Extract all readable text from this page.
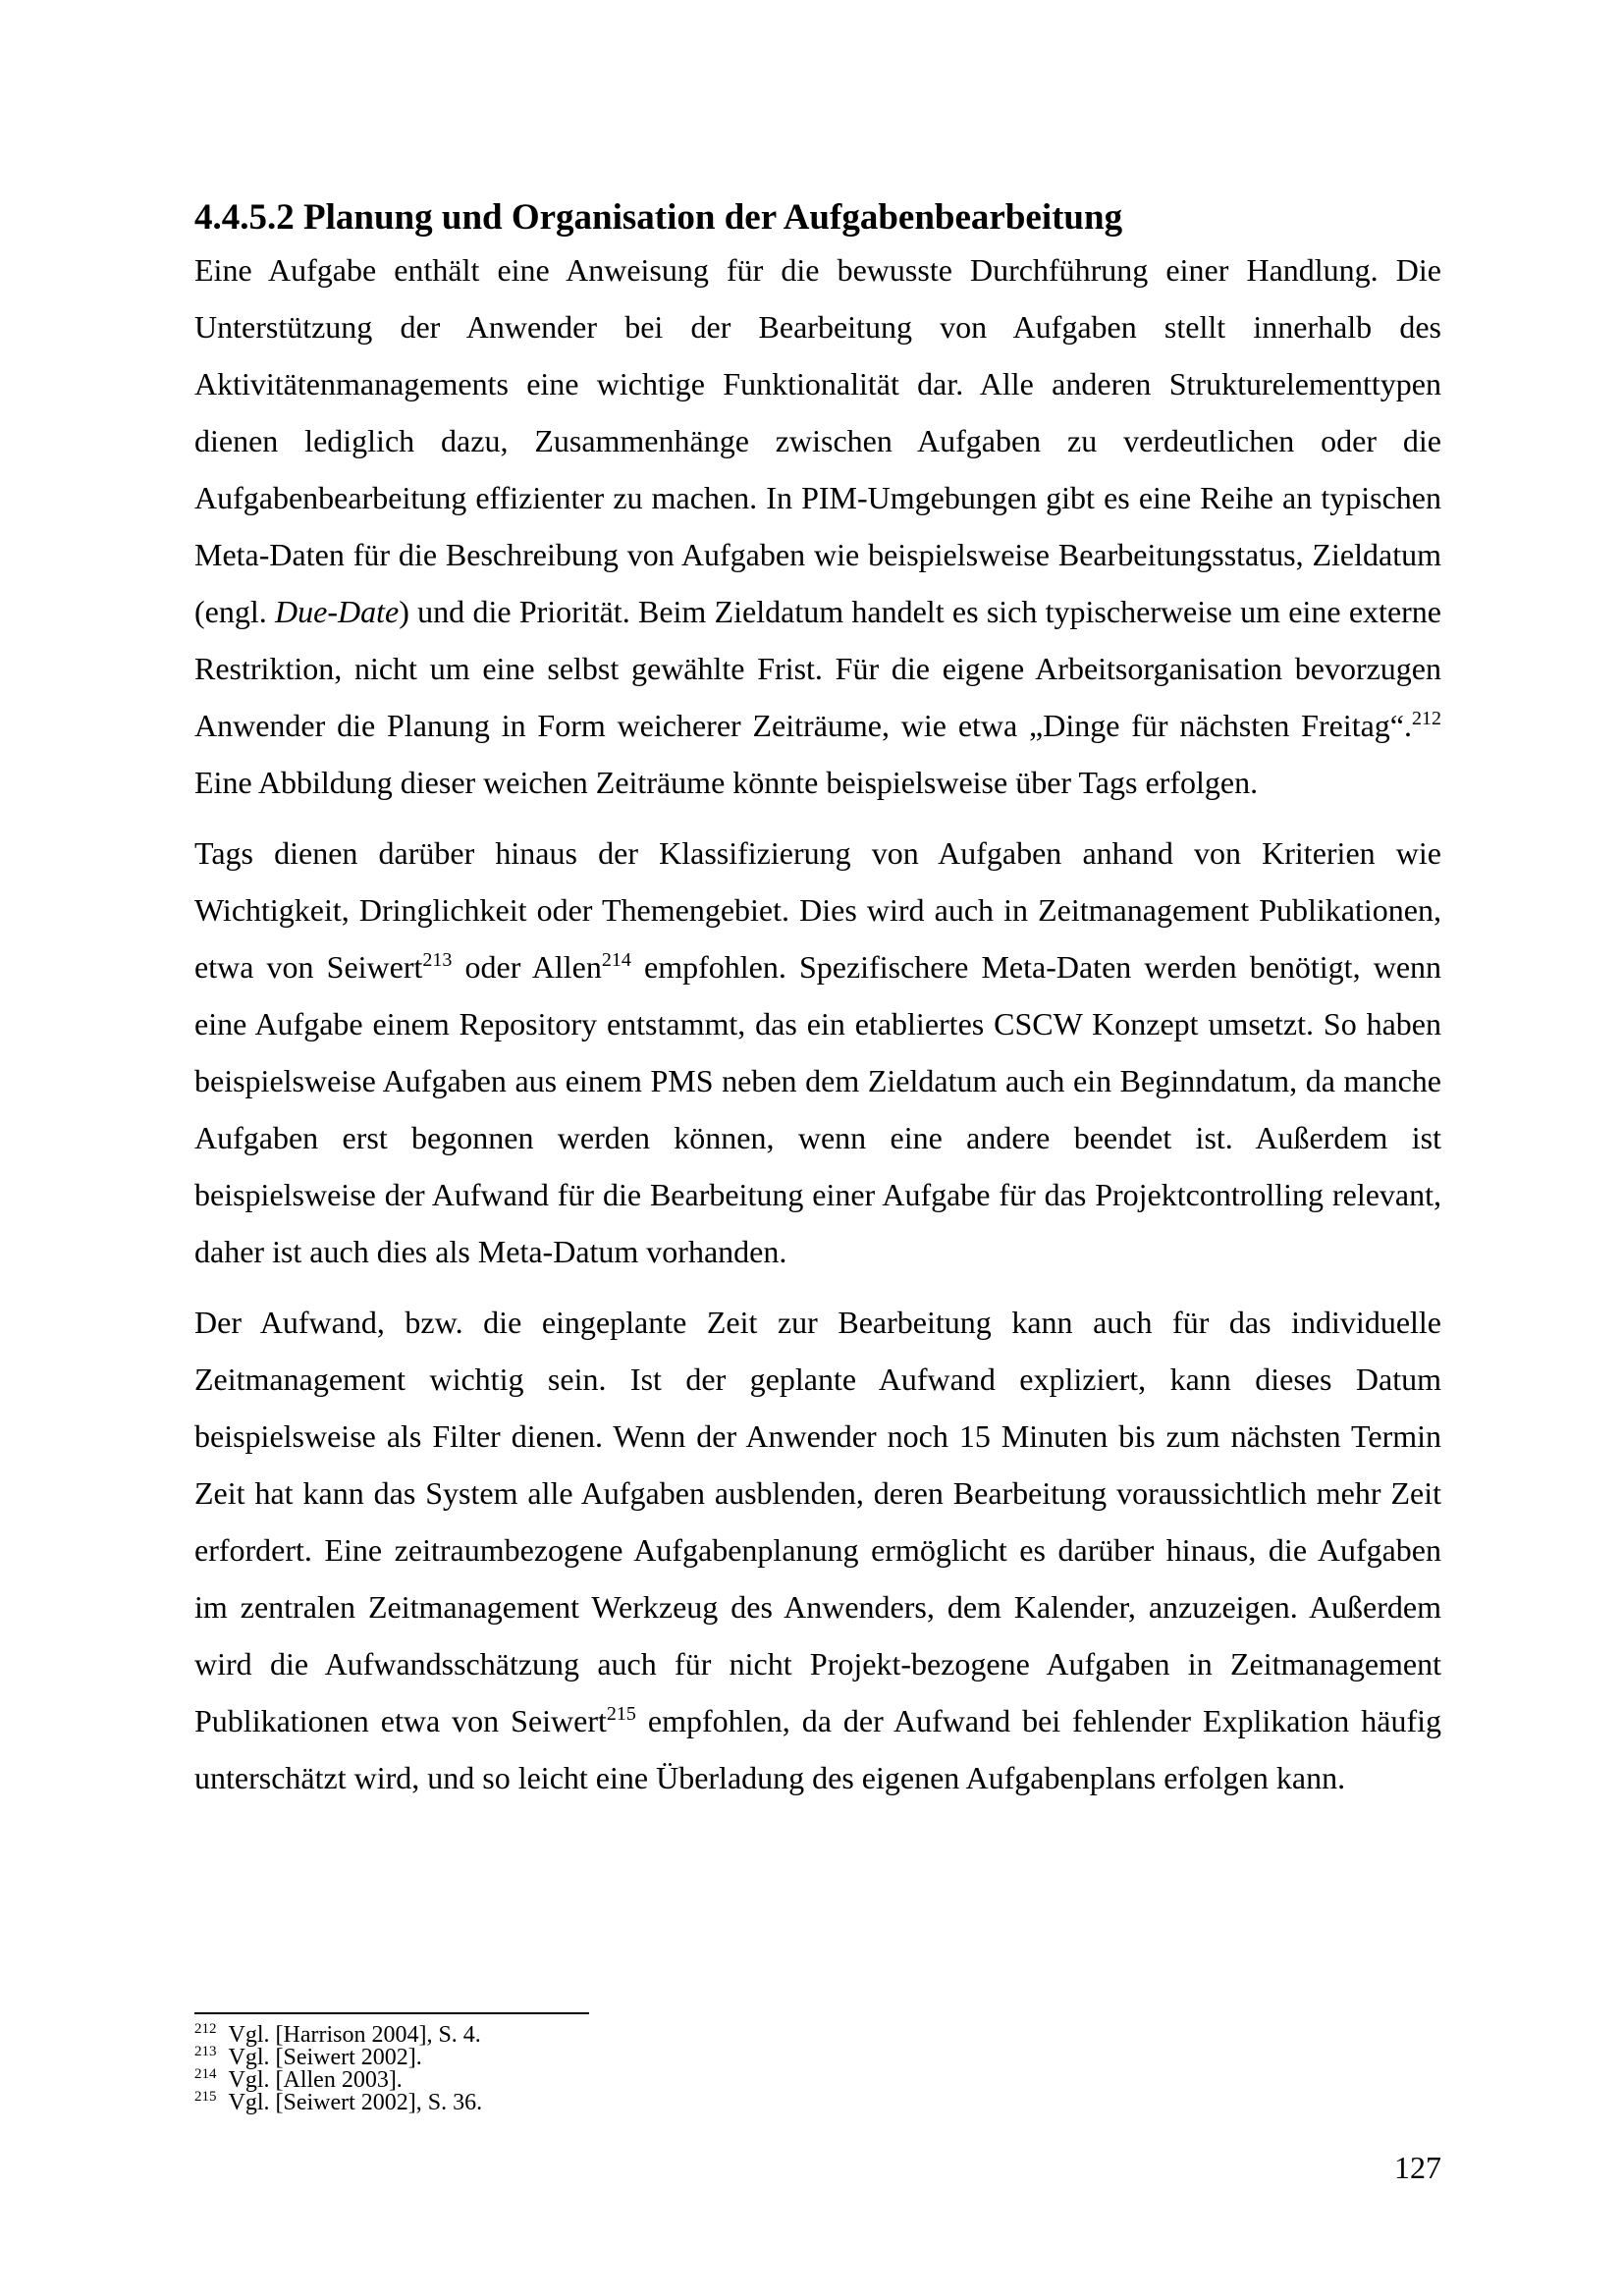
4.4.5.2 Planung und Organisation der Aufgabenbearbeitung

Eine Aufgabe enthält eine Anweisung für die bewusste Durchführung einer Handlung. Die Unterstützung der Anwender bei der Bearbeitung von Aufgaben stellt innerhalb des Aktivitätenmanagements eine wichtige Funktionalität dar. Alle anderen Strukturelementtypen dienen lediglich dazu, Zusammenhänge zwischen Aufgaben zu verdeutlichen oder die Aufgabenbearbeitung effizienter zu machen. In PIM-Umgebungen gibt es eine Reihe an typischen Meta-Daten für die Beschreibung von Aufgaben wie beispielsweise Bearbeitungsstatus, Zieldatum (engl. Due-Date) und die Priorität. Beim Zieldatum handelt es sich typischerweise um eine externe Restriktion, nicht um eine selbst gewählte Frist. Für die eigene Arbeitsorganisation bevorzugen Anwender die Planung in Form weicherer Zeiträume, wie etwa „Dinge für nächsten Freitag“.$^{212}$ Eine Abbildung dieser weichen Zeiträume könnte beispielsweise über Tags erfolgen.

Tags dienen darüber hinaus der Klassifizierung von Aufgaben anhand von Kriterien wie Wichtigkeit, Dringlichkeit oder Themengebiet. Dies wird auch in Zeitmanagement Publikationen, etwa von Seiwert$^{213}$ oder Allen$^{214}$ empfohlen. Spezifischere Meta-Daten werden benötigt, wenn eine Aufgabe einem Repository entstammt, das ein etabliertes CSCW Konzept umsetzt. So haben beispielsweise Aufgaben aus einem PMS neben dem Zieldatum auch ein Beginndatum, da manche Aufgaben erst begonnen werden können, wenn eine andere beendet ist. Außerdem ist beispielsweise der Aufwand für die Bearbeitung einer Aufgabe für das Projektcontrolling relevant, daher ist auch dies als Meta-Datum vorhanden.

Der Aufwand, bzw. die eingeplante Zeit zur Bearbeitung kann auch für das individuelle Zeitmanagement wichtig sein. Ist der geplante Aufwand expliziert, kann dieses Datum beispielsweise als Filter dienen. Wenn der Anwender noch 15 Minuten bis zum nächsten Termin Zeit hat kann das System alle Aufgaben ausblenden, deren Bearbeitung voraussichtlich mehr Zeit erfordert. Eine zeitraumbezogene Aufgabenplanung ermöglicht es darüber hinaus, die Aufgaben im zentralen Zeitmanagement Werkzeug des Anwenders, dem Kalender, anzuzeigen. Außerdem wird die Aufwandsschätzung auch für nicht Projekt-bezogene Aufgaben in Zeitmanagement Publikationen etwa von Seiwert$^{215}$ empfohlen, da der Aufwand bei fehlender Explikation häufig unterschätzt wird, und so leicht eine Überladung des eigenen Aufgabenplans erfolgen kann.

$^{212}$ Vgl. [Harrison 2004], S. 4.
$^{213}$ Vgl. [Seiwert 2002].
$^{214}$ Vgl. [Allen 2003].
$^{215}$ Vgl. [Seiwert 2002], S. 36.
127
